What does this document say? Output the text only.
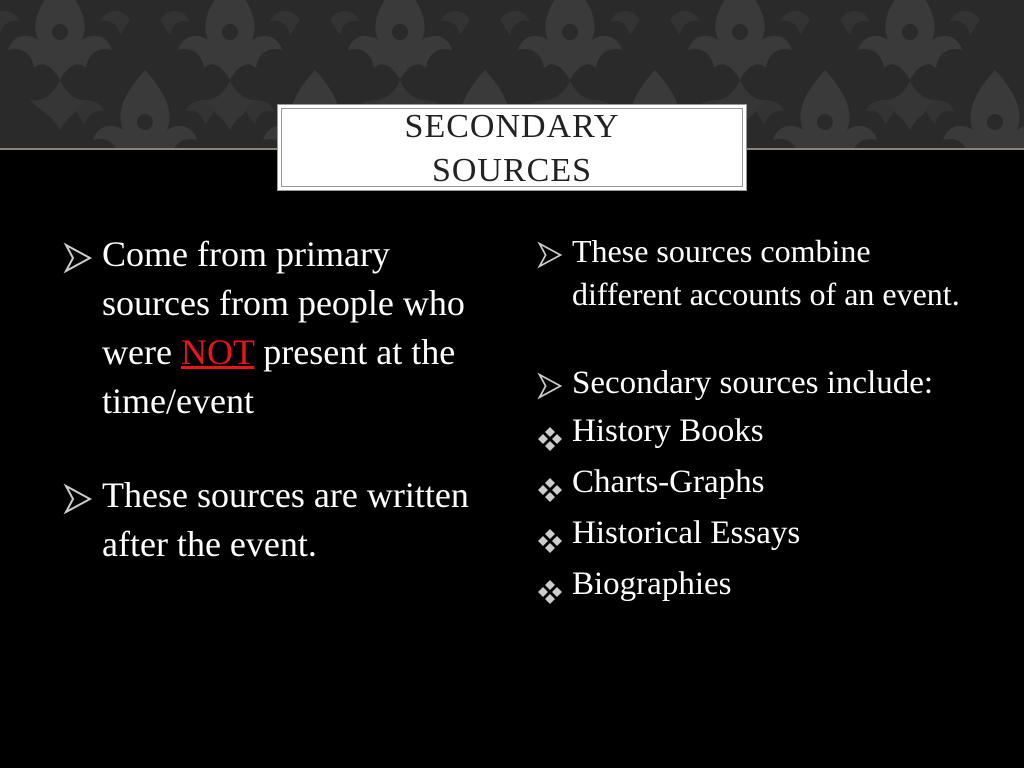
SECONDARY SOURCES
Come from primary sources from people who were NOT present at the time/event
These sources are written after the event.
These sources combine different accounts of an event.
Secondary sources include:
History Books
Charts-Graphs
Historical Essays
Biographies
